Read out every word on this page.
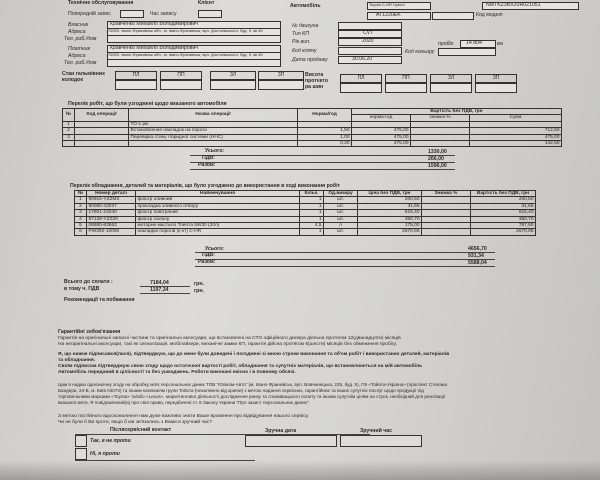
Технічне обслуговування	Клієнт	Автомобіль	Toyota C-HR Hybrid	NMTKZ3BX20R021051
Попередній запис	Час запису	AT1220EK	Код моделі
Власник	Кравченко Михайло Володимирович
Адреса	76000, Івано-Франківськ обл., м. Івано-Франківськ, вул. Достоєвського, буд. 9, кв 45
Тел. роб./дом
Платник	Кравченко Михайло Володимирович
Адреса	76000, Івано-Франківськ обл., м. Івано-Франківськ, вул. Достоєвського, буд. 9, кв 45
Тел. роб./дом
№ двигуна
Тип КП	CVT
Рік вип.	2020	пробіг 14 804	км
Код ключу	Код кольору
Дата продажу	30.06.20
Стан гальмівних колодок
ПЛ	ПП	ЗЛ	ЗП	Висота протекто ра шин
ПЛ	ПП	ЗЛ	ЗП
Перелік робіт, що були узгоджені щодо вказаного автомобіля
№	Код операції	Назва операції	Норма/год	Вартість без ПДВ, грн		
				норма-год	знижка %	Сума
1		ТО-1 рік				
2		Встановлення накладок на пороги	1,50	475,00		712,50
3		Перевірка стану гібридної системи (ННС)	1,00	475,00		475,00
			0,30	475,00		142,50
Усього:	1330,00
ПДВ:	266,00
Разом:	1596,00
Перелік обладнання, деталей та матеріалів, що було узгоджено до використання в ході виконання робіт
№	Номер деталі	Найменування	Кільк.	Од.виміру	Ціна без ПДВ, грн	Знижка %	Вартість без ПДВ, грн
1	90915-YZZM3	фільтр оливний	1	шт.	200,50		200,50
2	90080-43037	прокладка зливного отвору	1	шт.	31,65		31,65
3	17801-24040	фільтр повітряний	1	шт.	615,40		615,40
4	87139-YZZ20	фільтр салону	1	шт.	350,70		350,70
5	08880-83863	моторне мастило Тойота 5W30 (20л)	4,5	л	175,00		787,50
6	PW392-10000	накладки порогів (к-кт) C-HR	1	шт.	2670,95		2670,95
Усього:	4656,70
ПДВ:	931,34
Разом:	5588,04
Всього до сплати :	7184,04	грн.
в тому ч. ПДВ	1197,34	грн.
Рекомендації та побажання
Гарантійні зобов'язання
Гарантія на оригінальні запасні частини та оригінальні аксесуари, що встановлені на СТО офіційного дилера діяльна протягом 12(дванадцяти) місяців
На неоригінальні аксесуари, такі як сигналізація, мобілайзери, механічні замки КП, гарантія дійсна протягом 6(шести) місяців без обмеження пробігу.
Я, що нижче підписався(лася), підтверджую, що до мене були доведені і погоджені зі мною строки виконання та об'єм робіт і використаних деталей, матеріалів
та обладнання.
Своїм підписом підтверджую свою згоду щодо остаточної вартості робіт, обладнання та супутніх матеріалів, що встановлюються на мій автомобіль
Автомобіль переданий в цілісності та без ушкоджень. Роботи виконані якісно і в повному обсязі.
Цим я надаю однозначну згоду на обробку моїх персональних даних ТОВ "Юліком-Авто" (м. Івано-Франківськ, вул. Вовчинецька, 225, буд. 5), ПІІ «Тойота-Україна» (проспект Степана
Бандери, 24-Б, м. Київ 04073) та іншим компаніям групи Тойота (незалежно від країни) з метою надання сервісних, гарантійних та інших супутніх послуг щодо продукції під
торговельними марками «Toyota» та/або «Lexus», маркетингової діяльності дослідження ринку та споживацького попиту та іншим супутнім цілям на строк, необхідний для реалізації
вказаної мети. Я повідомлений(а) про свої права, передбачені ст. 8 Закону України "Про захист персональних даних".
З метою постійного вдосконалення нам дуже важливо знати Ваше враження про відвідування нашого сервісу.
Чи не були б Ви проти, якщо б ми зв'язались з Вами в зручний час?
Післясервісний контакт
Так, я не проти
Зручна дата	Зручний час
Ні, я проти
